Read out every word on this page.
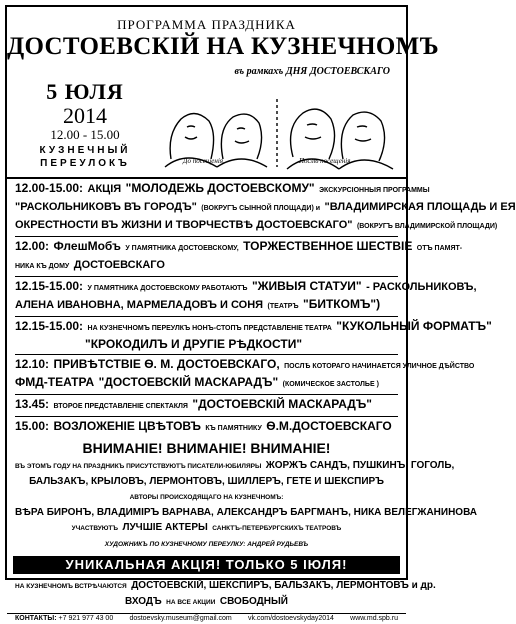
ПРОГРАММА ПРАЗДНИКА
ДОСТОЕВСКIЙ НА КУЗНЕЧНОМЪ
въ рамкахъ ДНЯ ДОСТОЕВСКАГО
5 ЮЛЯ
2014
12.00 - 15.00
КУЗНЕЧНЫЙ
ПЕРЕУЛОКЪ	До посещенія.	Послѣ посещенія.
12.00-15.00: АКЦІЯ "МОЛОДЕЖЬ ДОСТОЕВСКОМУ" ЭКСКУРСIОННЫЯ ПРОГРАММЫ
"РАСКОЛЬНИКОВЪ ВЪ ГОРОДЪ" (ВОКРУГЪ СЫННОЙ ПЛОЩАДИ) и "ВЛАДИМИРСКАЯ ПЛОЩАДЬ И ЕЯ
ОКРЕСТНОСТИ ВЪ ЖИЗНИ И ТВОРЧЕСТВѢ ДОСТОЕВСКАГО" (ВОКРУГЪ ВЛАДИМИРСКОЙ ПЛОЩАДИ)
12.00: ФлешМобъ У ПАМЯТНИКА ДОСТОЕВСКОМУ, ТОРЖЕСТВЕННОЕ ШЕСТВIЕ ОТЪ ПАМЯТ-
НИКА КЪ ДОМУ ДОСТОЕВСКАГО
12.15-15.00: У ПАМЯТНИКА ДОСТОЕВСКОМУ РАБОТАЮТЪ "ЖИВЫЯ СТАТУИ" - РАСКОЛЬНИКОВЪ,
АЛЕНА ИВАНОВНА, МАРМЕЛАДОВЪ И СОНЯ (ТЕАТРЪ "БИТКОМЪ")
12.15-15.00: НА КУЗНЕЧНОМЪ ПЕРЕУЛКЪ НОНЪ-СТОПЪ ПРЕДСТАВЛЕНIЕ ТЕАТРА "КУКОЛЬНЫЙ ФОРМАТЪ"
"КРОКОДИЛЪ И ДРУГIЕ РѢДКОСТИ"
12.10: ПРИВѢТСТВIЕ Ѳ. М. ДОСТОЕВСКАГО, ПОСЛѢ КОТОРАГО НАЧИНАЕТСЯ УЛИЧНОЕ ДѢЙСТВО
ФМД-ТЕАТРА "ДОСТОЕВСКIЙ МАСКАРАДЪ" (КОМИЧЕСКОЕ ЗАСТОЛЬЕ )
13.45: ВТОРОЕ ПРЕДСТАВЛЕНIЕ СПЕКТАКЛЯ "ДОСТОЕВСКIЙ МАСКАРАДЪ"
15.00: ВОЗЛОЖЕНIЕ ЦВѢТОВЪ КЪ ПАМЯТНИКУ Ѳ.М.ДОСТОЕВСКАГО
ВНИМАНIЕ! ВНИМАНIЕ! ВНИМАНIЕ!
ВЪ ЭТОМЪ ГОДУ НА ПРАЗДНИКЪ ПРИСУТСТВУЮТЪ ПИСАТЕЛИ-ЮБИЛЯРЫ ЖОРЖЪ САНДЪ, ПУШКИНЪ, ГОГОЛЬ,
БАЛЬЗАКЪ, КРЫЛОВЪ, ЛЕРМОНТОВЪ, ШИЛЛЕРЪ, ГЕТЕ И ШЕКСПИРЪ
АВТОРЫ ПРОИСХОДЯЩАГО НА КУЗНЕЧНОМЪ:
ВѢРА БИРОНЪ, ВЛАДИМIРЪ ВАРНАВА, АЛЕКСАНДРЪ БАРГМАНЪ, НИКА ВЕЛЕГЖАНИНОВА
УЧАСТВУЮТЪ ЛУЧШIЕ АКТЕРЫ САНКТЪ-ПЕТЕРБУРГСКИХЪ ТЕАТРОВЪ
ХУДОЖНИКЪ ПО КУЗНЕЧНОМУ ПЕРЕУЛКУ: АНДРЕЙ РУДЬЕВЪ
УНИКАЛЬНАЯ АКЦIЯ! ТОЛЬКО 5 IЮЛЯ!
НА КУЗНЕЧНОМЪ ВСТРѢЧАЮТСЯ ДОСТОЕВСКIЙ, ШЕКСПИРЪ, БАЛЬЗАКЪ, ЛЕРМОНТОВЪ и др.
ВХОДЪ НА ВСЕ АКЦИИ СВОБОДНЫЙ
КОНТАКТЫ: +7 921 977 43 00 dostoevsky.museum@gmail.com vk.com/dostoevskyday2014 www.md.spb.ru
